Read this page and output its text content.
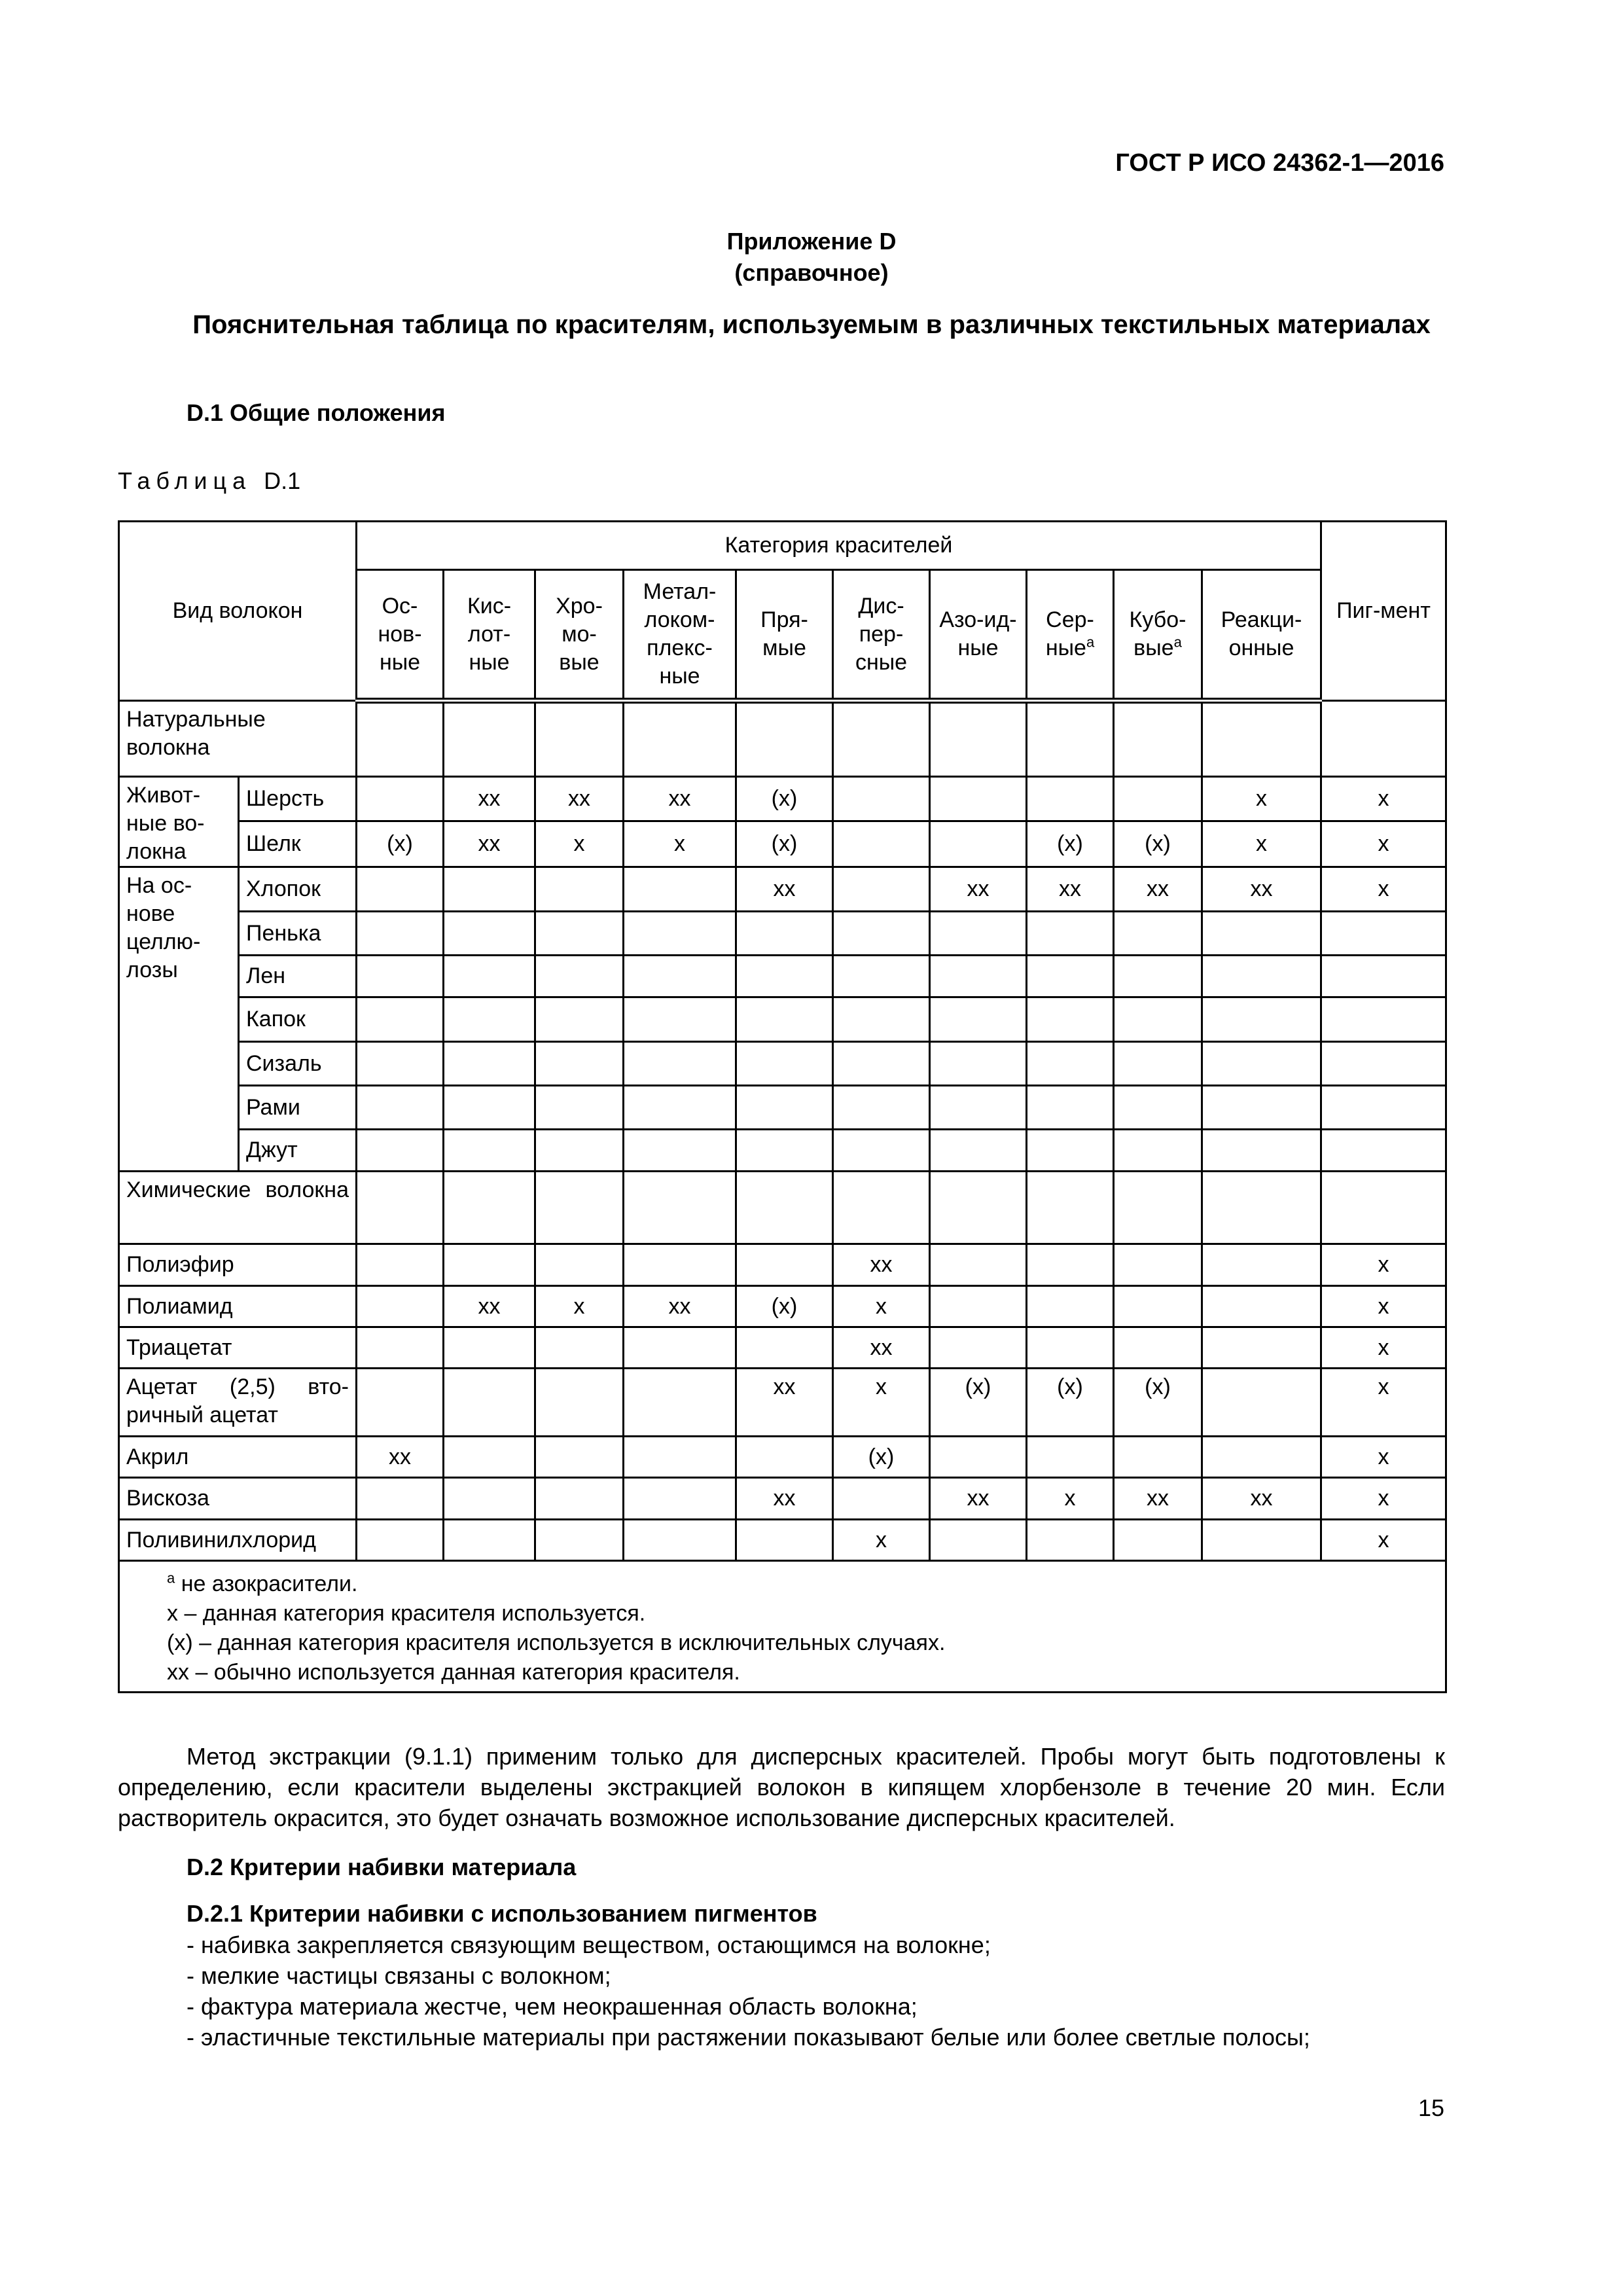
ГОСТ Р ИСО 24362-1—2016
Приложение D
(справочное)
Пояснительная таблица по красителям, используемым в различных текстильных материалах
D.1 Общие положения
Таблица D.1
Вид волокон		Категория красителей										Пиг-мент
		Ос-нов-ные	Кис-лот-ные	Хро-мо-вые	Метал-локом-плекс-ные	Пря-мые	Дис-пер-сные	Азо-ид-ные	Сер-ные$^a$	Кубо-вые$^a$	Реакци-онные	

Натуральные волокна												

Живот-ные во-локна	Шерсть		хх	хх	хх	(х)					х	х
	Шелк	(х)	хх	х	х	(х)			(х)	(х)	х	х
На ос-нове целлю-лозы	Хлопок					хх		хх	хх	хх	хх	х
	Пенька											
	Лен											
	Капок											
	Сизаль											
	Рами											
	Джут											

Химические волокна												

Полиэфир							хх					х
Полиамид			хх	х	хх	(х)	х					х
Триацетат							хх					х

Ацетат (2,5) вто-ричный ацетат						хх	х	(х)	(х)	(х)		х
Акрил		хх					(х)					х
Вискоза						хх		хх	х	хх	хх	х
Поливинилхлорид							х					х

$^а$ не азокрасители.
х – данная категория красителя используется.
(х) – данная категория красителя используется в исключительных случаях.
хх – обычно используется данная категория красителя.												
Метод экстракции (9.1.1) применим только для дисперсных красителей. Пробы могут быть подготовлены к определению, если красители выделены экстракцией волокон в кипящем хлорбензоле в течение 20 мин. Если растворитель окрасится, это будет означать возможное использование дисперсных красителей.
D.2 Критерии набивки материала
D.2.1 Критерии набивки с использованием пигментов
- набивка закрепляется связующим веществом, остающимся на волокне;
- мелкие частицы связаны с волокном;
- фактура материала жестче, чем неокрашенная область волокна;
- эластичные текстильные материалы при растяжении показывают белые или более светлые полосы;
15
